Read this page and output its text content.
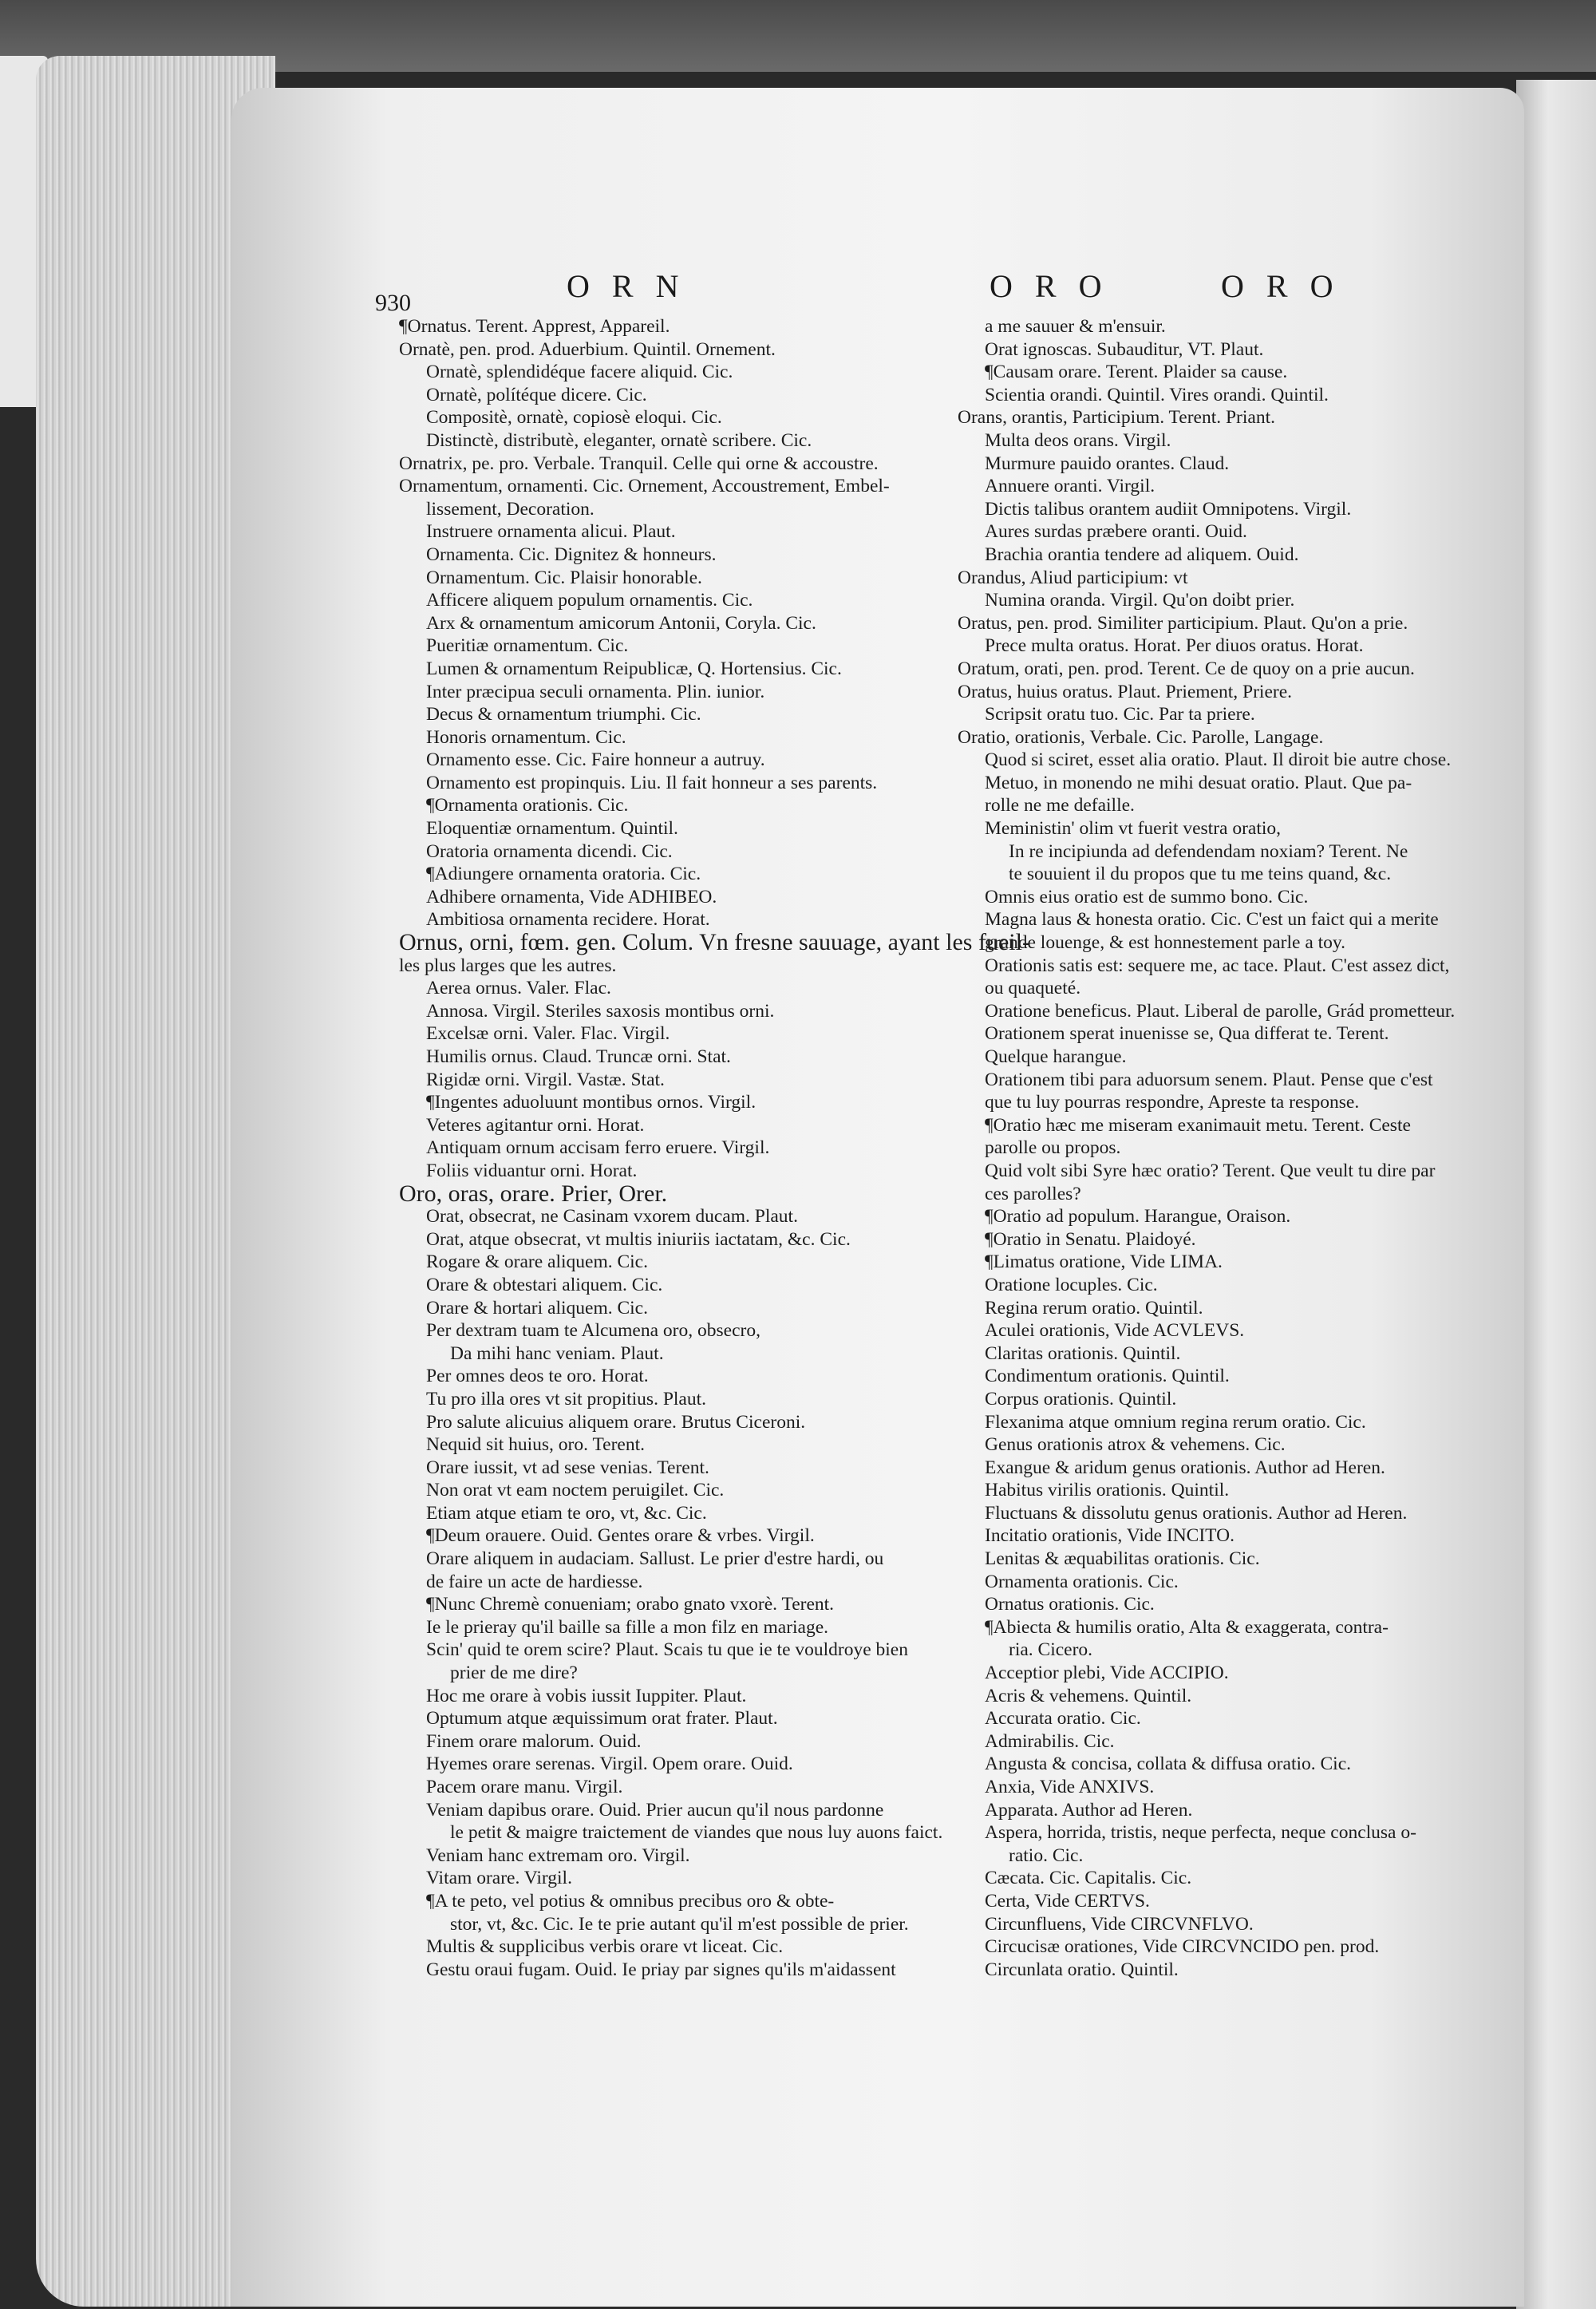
930	ORN	ORO	ORO
¶Ornatus. Terent. Apprest, Appareil.
Ornatè, pen. prod. Aduerbium. Quintil. Ornement.
Ornatè, splendidéque facere aliquid. Cic.
Ornatè, polítéque dicere. Cic.
Compositè, ornatè, copiosè eloqui. Cic.
Distinctè, distributè, eleganter, ornatè scribere. Cic.
Ornatrix, pe. pro. Verbale. Tranquil. Celle qui orne & accoustre.
Ornamentum, ornamenti. Cic. Ornement, Accoustrement, Embel-
lissement, Decoration.
Instruere ornamenta alicui. Plaut.
Ornamenta. Cic. Dignitez & honneurs.
Ornamentum. Cic. Plaisir honorable.
Afficere aliquem populum ornamentis. Cic.
Arx & ornamentum amicorum Antonii, Coryla. Cic.
Pueritiæ ornamentum. Cic.
Lumen & ornamentum Reipublicæ, Q. Hortensius. Cic.
Inter præcipua seculi ornamenta. Plin. iunior.
Decus & ornamentum triumphi. Cic.
Honoris ornamentum. Cic.
Ornamento esse. Cic. Faire honneur a autruy.
Ornamento est propinquis. Liu. Il fait honneur a ses parents.
¶Ornamenta orationis. Cic.
Eloquentiæ ornamentum. Quintil.
Oratoria ornamenta dicendi. Cic.
¶Adiungere ornamenta oratoria. Cic.
Adhibere ornamenta, Vide ADHIBEO.
Ambitiosa ornamenta recidere. Horat.
Ornus, orni, fœm. gen. Colum. Vn fresne sauuage, ayant les fueil-
les plus larges que les autres.
Aerea ornus. Valer. Flac.
Annosa. Virgil. Steriles saxosis montibus orni.
Excelsæ orni. Valer. Flac. Virgil.
Humilis ornus. Claud. Truncæ orni. Stat.
Rigidæ orni. Virgil. Vastæ. Stat.
¶Ingentes aduoluunt montibus ornos. Virgil.
Veteres agitantur orni. Horat.
Antiquam ornum accisam ferro eruere. Virgil.
Foliis viduantur orni. Horat.
Oro, oras, orare. Prier, Orer.
Orat, obsecrat, ne Casinam vxorem ducam. Plaut.
Orat, atque obsecrat, vt multis iniuriis iactatam, &c. Cic.
Rogare & orare aliquem. Cic.
Orare & obtestari aliquem. Cic.
Orare & hortari aliquem. Cic.
Per dextram tuam te Alcumena oro, obsecro,
Da mihi hanc veniam. Plaut.
Per omnes deos te oro. Horat.
Tu pro illa ores vt sit propitius. Plaut.
Pro salute alicuius aliquem orare. Brutus Ciceroni.
Nequid sit huius, oro. Terent.
Orare iussit, vt ad sese venias. Terent.
Non orat vt eam noctem peruigilet. Cic.
Etiam atque etiam te oro, vt, &c. Cic.
¶Deum orauere. Ouid. Gentes orare & vrbes. Virgil.
Orare aliquem in audaciam. Sallust. Le prier d'estre hardi, ou
de faire un acte de hardiesse.
¶Nunc Chremè conueniam; orabo gnato vxorè. Terent.
Ie le prieray qu'il baille sa fille a mon filz en mariage.
Scin' quid te orem scire? Plaut. Scais tu que ie te vouldroye bien
prier de me dire?
Hoc me orare à vobis iussit Iuppiter. Plaut.
Optumum atque æquissimum orat frater. Plaut.
Finem orare malorum. Ouid.
Hyemes orare serenas. Virgil. Opem orare. Ouid.
Pacem orare manu. Virgil.
Veniam dapibus orare. Ouid. Prier aucun qu'il nous pardonne
le petit & maigre traictement de viandes que nous luy auons faict.
Veniam hanc extremam oro. Virgil.
Vitam orare. Virgil.
¶A te peto, vel potius & omnibus precibus oro & obte-
stor, vt, &c. Cic. Ie te prie autant qu'il m'est possible de prier.
Multis & supplicibus verbis orare vt liceat. Cic.
Gestu oraui fugam. Ouid. Ie priay par signes qu'ils m'aidassent
a me sauuer & m'ensuir.
Orat ignoscas. Subauditur, VT. Plaut.
¶Causam orare. Terent. Plaider sa cause.
Scientia orandi. Quintil. Vires orandi. Quintil.
Orans, orantis, Participium. Terent. Priant.
Multa deos orans. Virgil.
Murmure pauido orantes. Claud.
Annuere oranti. Virgil.
Dictis talibus orantem audiit Omnipotens. Virgil.
Aures surdas præbere oranti. Ouid.
Brachia orantia tendere ad aliquem. Ouid.
Orandus, Aliud participium: vt
Numina oranda. Virgil. Qu'on doibt prier.
Oratus, pen. prod. Similiter participium. Plaut. Qu'on a prie.
Prece multa oratus. Horat. Per diuos oratus. Horat.
Oratum, orati, pen. prod. Terent. Ce de quoy on a prie aucun.
Oratus, huius oratus. Plaut. Priement, Priere.
Scripsit oratu tuo. Cic. Par ta priere.
Oratio, orationis, Verbale. Cic. Parolle, Langage.
Quod si sciret, esset alia oratio. Plaut. Il diroit bie autre chose.
Metuo, in monendo ne mihi desuat oratio. Plaut. Que pa-
rolle ne me defaille.
Meministin' olim vt fuerit vestra oratio,
In re incipiunda ad defendendam noxiam? Terent. Ne
te souuient il du propos que tu me teins quand, &c.
Omnis eius oratio est de summo bono. Cic.
Magna laus & honesta oratio. Cic. C'est un faict qui a merite
grande louenge, & est honnestement parle a toy.
Orationis satis est: sequere me, ac tace. Plaut. C'est assez dict,
ou quaqueté.
Oratione beneficus. Plaut. Liberal de parolle, Grád prometteur.
Orationem sperat inuenisse se, Qua differat te. Terent.
Quelque harangue.
Orationem tibi para aduorsum senem. Plaut. Pense que c'est
que tu luy pourras respondre, Apreste ta response.
¶Oratio hæc me miseram exanimauit metu. Terent. Ceste
parolle ou propos.
Quid volt sibi Syre hæc oratio? Terent. Que veult tu dire par
ces parolles?
¶Oratio ad populum. Harangue, Oraison.
¶Oratio in Senatu. Plaidoyé.
¶Limatus oratione, Vide LIMA.
Oratione locuples. Cic.
Regina rerum oratio. Quintil.
Aculei orationis, Vide ACVLEVS.
Claritas orationis. Quintil.
Condimentum orationis. Quintil.
Corpus orationis. Quintil.
Flexanima atque omnium regina rerum oratio. Cic.
Genus orationis atrox & vehemens. Cic.
Exangue & aridum genus orationis. Author ad Heren.
Habitus virilis orationis. Quintil.
Fluctuans & dissolutu genus orationis. Author ad Heren.
Incitatio orationis, Vide INCITO.
Lenitas & æquabilitas orationis. Cic.
Ornamenta orationis. Cic.
Ornatus orationis. Cic.
¶Abiecta & humilis oratio, Alta & exaggerata, contra-
ria. Cicero.
Acceptior plebi, Vide ACCIPIO.
Acris & vehemens. Quintil.
Accurata oratio. Cic.
Admirabilis. Cic.
Angusta & concisa, collata & diffusa oratio. Cic.
Anxia, Vide ANXIVS.
Apparata. Author ad Heren.
Aspera, horrida, tristis, neque perfecta, neque conclusa o-
ratio. Cic.
Cæcata. Cic. Capitalis. Cic.
Certa, Vide CERTVS.
Circunfluens, Vide CIRCVNFLVO.
Circucisæ orationes, Vide CIRCVNCIDO pen. prod.
Circunlata oratio. Quintil.
